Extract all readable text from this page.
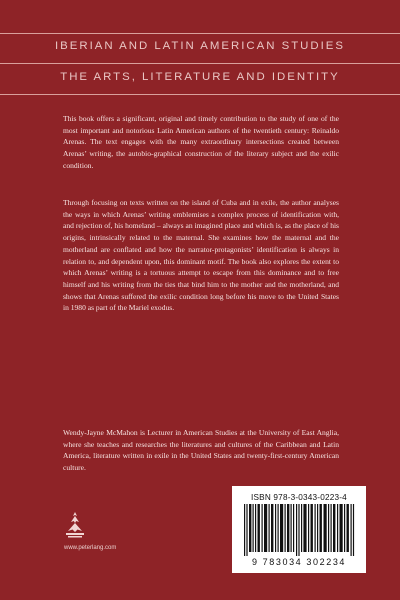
IBERIAN AND LATIN AMERICAN STUDIES
THE ARTS, LITERATURE AND IDENTITY
This book offers a significant, original and timely contribution to the study of one of the most important and notorious Latin American authors of the twentieth century: Reinaldo Arenas. The text engages with the many extraordinary intersections created between Arenas’ writing, the autobio-graphical construction of the literary subject and the exilic condition.
Through focusing on texts written on the island of Cuba and in exile, the author analyses the ways in which Arenas’ writing emblemises a complex process of identification with, and rejection of, his homeland – always an imagined place and which is, as the place of his origins, intrinsically related to the maternal. She examines how the maternal and the motherland are conflated and how the narrator-protagonists’ identification is always in relation to, and dependent upon, this dominant motif. The book also explores the extent to which Arenas’ writing is a tortuous attempt to escape from this dominance and to free himself and his writing from the ties that bind him to the mother and the motherland, and shows that Arenas suffered the exilic condition long before his move to the United States in 1980 as part of the Mariel exodus.
Wendy-Jayne McMahon is Lecturer in American Studies at the University of East Anglia, where she teaches and researches the literatures and cultures of the Caribbean and Latin America, literature written in exile in the United States and twenty-first-century American culture.
www.peterlang.com
ISBN 978-3-0343-0223-4
9 783034 302234
